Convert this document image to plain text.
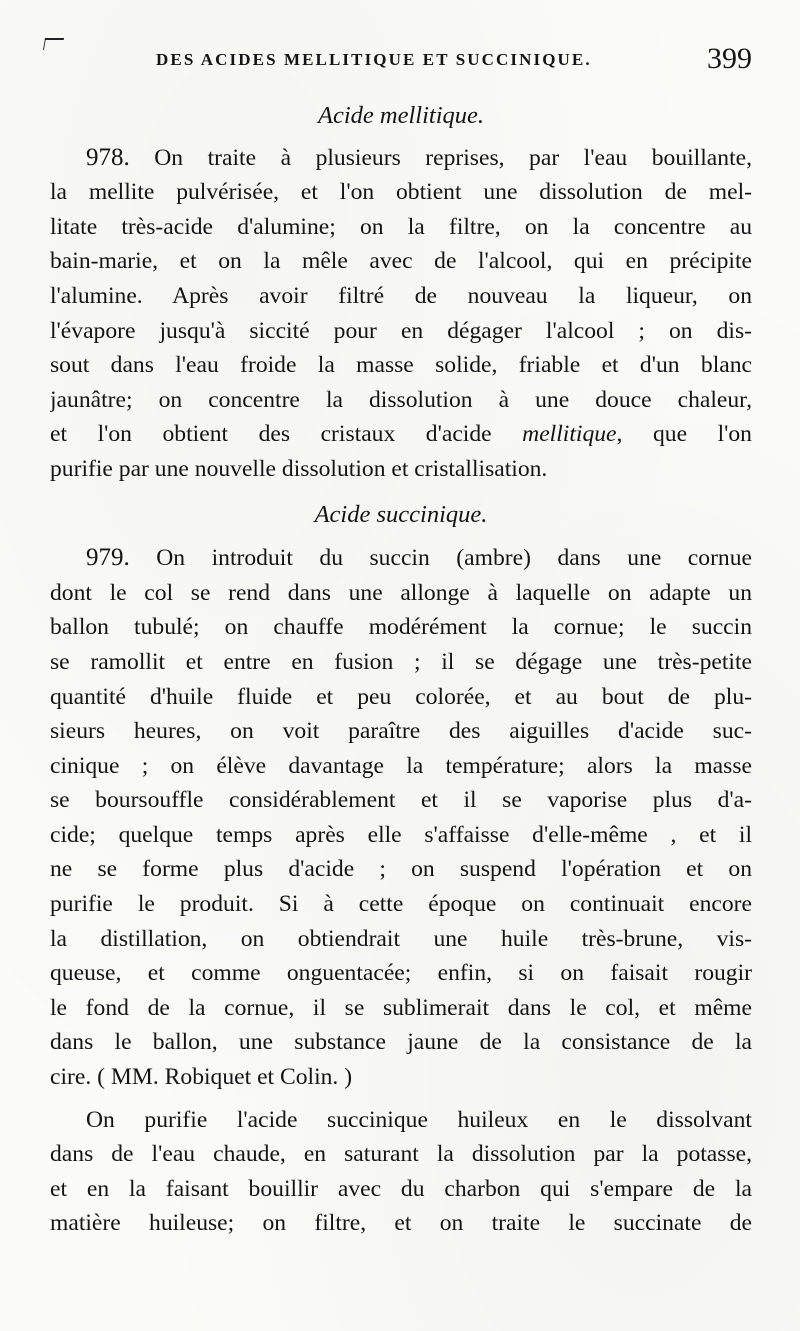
DES ACIDES MELLITIQUE ET SUCCINIQUE.	399
Acide mellitique.
978. On traite à plusieurs reprises, par l'eau bouillante,
la mellite pulvérisée, et l'on obtient une dissolution de mel-
litate très-acide d'alumine; on la filtre, on la concentre au
bain-marie, et on la mêle avec de l'alcool, qui en précipite
l'alumine. Après avoir filtré de nouveau la liqueur, on
l'évapore jusqu'à siccité pour en dégager l'alcool ; on dis-
sout dans l'eau froide la masse solide, friable et d'un blanc
jaunâtre; on concentre la dissolution à une douce chaleur,
et l'on obtient des cristaux d'acide mellitique, que l'on
purifie par une nouvelle dissolution et cristallisation.
Acide succinique.
979. On introduit du succin (ambre) dans une cornue
dont le col se rend dans une allonge à laquelle on adapte un
ballon tubulé; on chauffe modérément la cornue; le succin
se ramollit et entre en fusion ; il se dégage une très-petite
quantité d'huile fluide et peu colorée, et au bout de plu-
sieurs heures, on voit paraître des aiguilles d'acide suc-
cinique ; on élève davantage la température; alors la masse
se boursouffle considérablement et il se vaporise plus d'a-
cide; quelque temps après elle s'affaisse d'elle-même , et il
ne se forme plus d'acide ; on suspend l'opération et on
purifie le produit. Si à cette époque on continuait encore
la distillation, on obtiendrait une huile très-brune, vis-
queuse, et comme onguentacée; enfin, si on faisait rougir
le fond de la cornue, il se sublimerait dans le col, et même
dans le ballon, une substance jaune de la consistance de la
cire. ( MM. Robiquet et Colin. )
On purifie l'acide succinique huileux en le dissolvant
dans de l'eau chaude, en saturant la dissolution par la potasse,
et en la faisant bouillir avec du charbon qui s'empare de la
matière huileuse; on filtre, et on traite le succinate de
